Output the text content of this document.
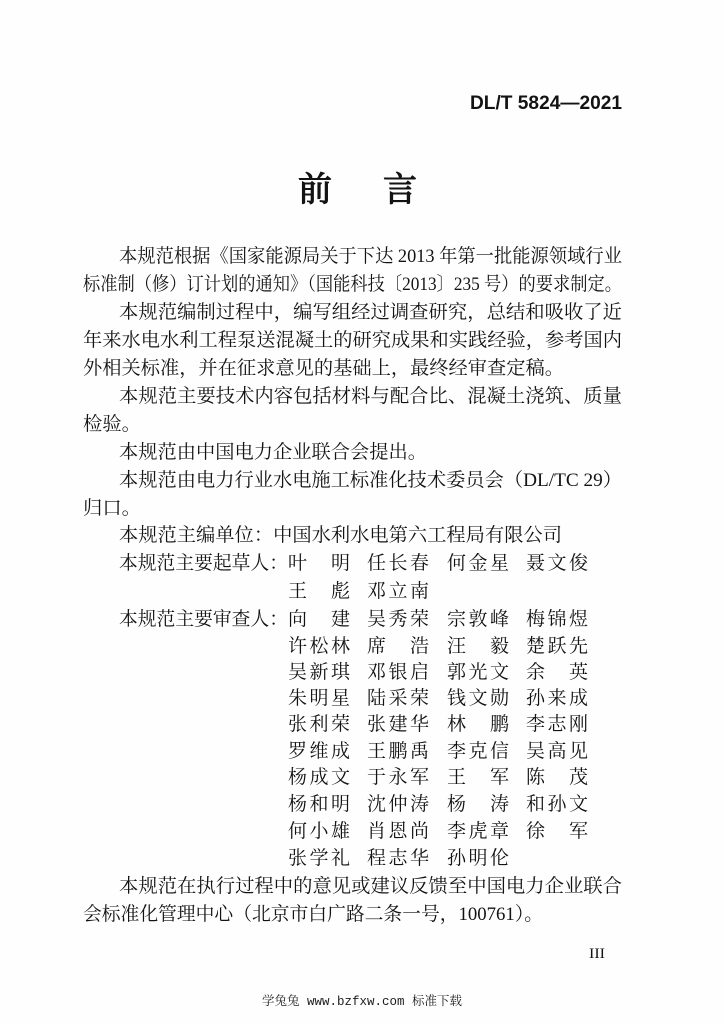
DL/T 5824—2021
前 言
本规范根据《国家能源局关于下达 2013 年第一批能源领域行业
标准制（修）订计划的通知》（国能科技〔2013〕235 号）的要求制定。
本规范编制过程中，编写组经过调查研究，总结和吸收了近
年来水电水利工程泵送混凝土的研究成果和实践经验，参考国内
外相关标准，并在征求意见的基础上，最终经审查定稿。
本规范主要技术内容包括材料与配合比、混凝土浇筑、质量
检验。
本规范由中国电力企业联合会提出。
本规范由电力行业水电施工标准化技术委员会（DL/TC 29）
归口。
本规范主编单位：中国水利水电第六工程局有限公司
本规范主要起草人：
叶　明 任长春 何金星 聂文俊
王　彪 邓立南
本规范主要审查人：
向　建 吴秀荣 宗敦峰 梅锦煜
许松林 席　浩 汪　毅 楚跃先
吴新琪 邓银启 郭光文 余　英
朱明星 陆采荣 钱文勋 孙来成
张利荣 张建华 林　鹏 李志刚
罗维成 王鹏禹 李克信 吴高见
杨成文 于永军 王　军 陈　茂
杨和明 沈仲涛 杨　涛 和孙文
何小雄 肖恩尚 李虎章 徐　军
张学礼 程志华 孙明伦
本规范在执行过程中的意见或建议反馈至中国电力企业联合
会标准化管理中心（北京市白广路二条一号，100761）。
III
学兔兔 www.bzfxw.com 标准下载
